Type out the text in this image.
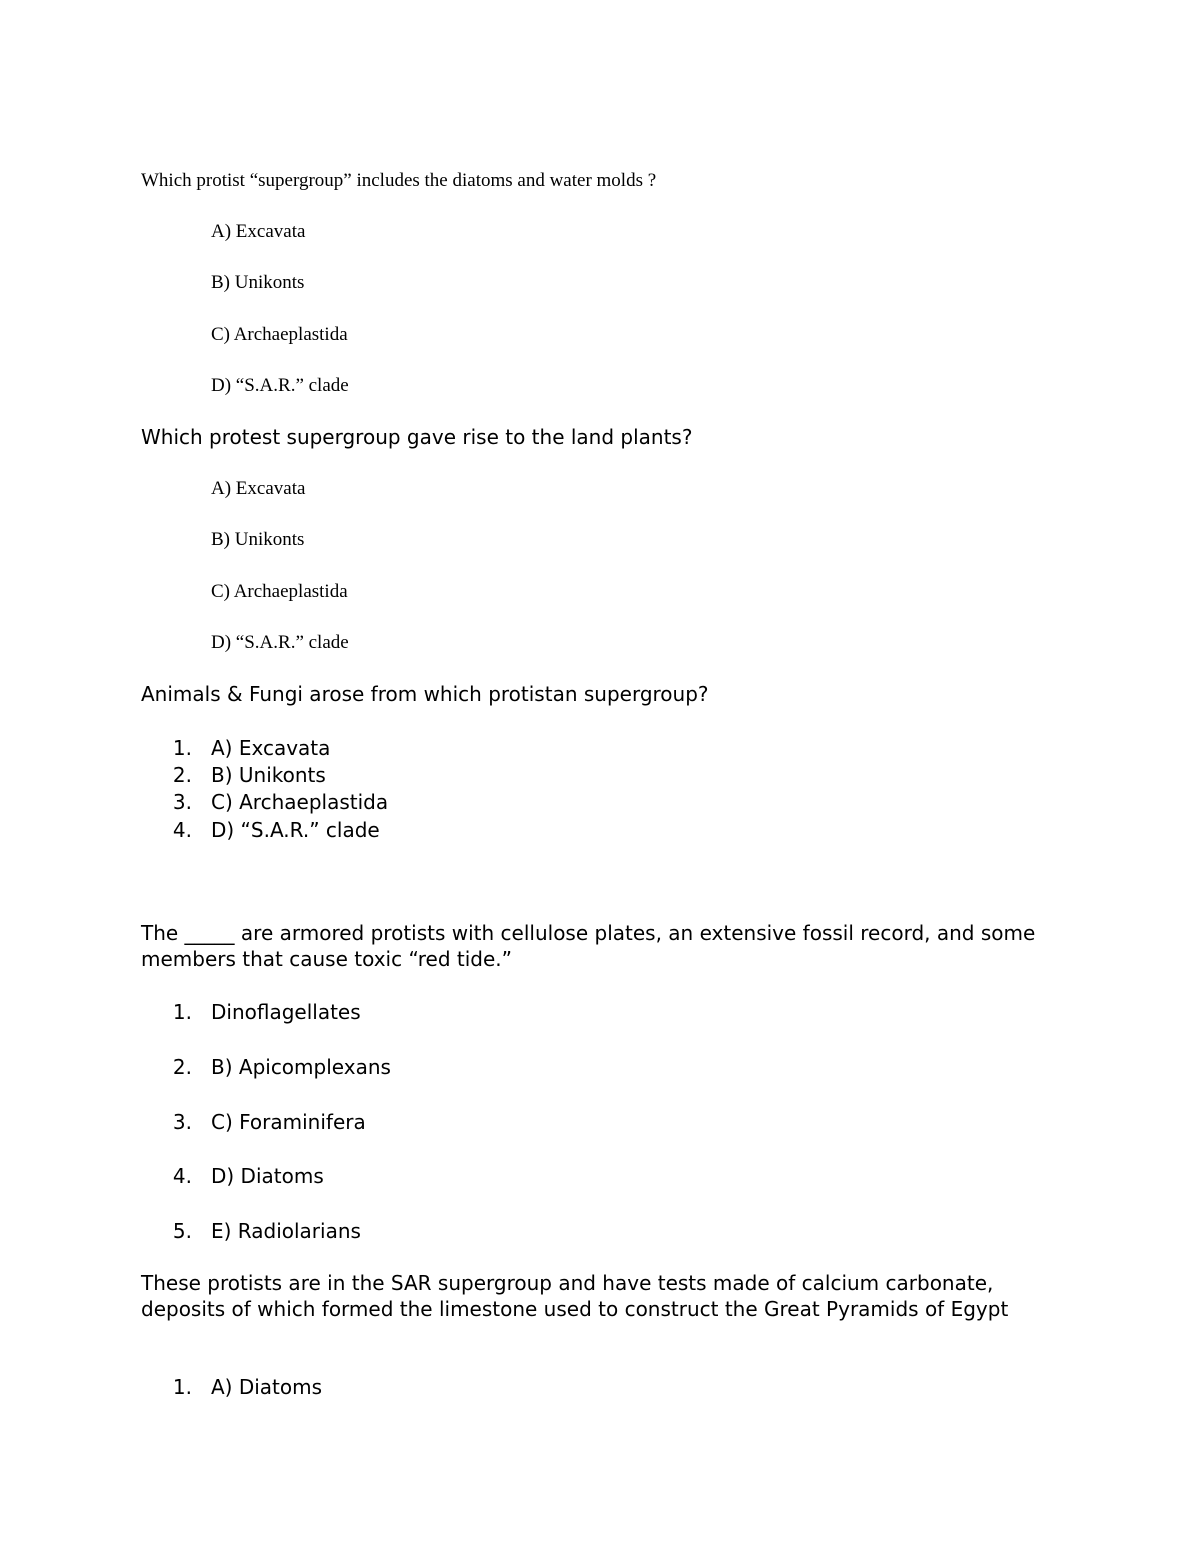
Which protist “supergroup” includes the diatoms and water molds ?
A) Excavata
B) Unikonts
C) Archaeplastida
D) “S.A.R.” clade
Which protest supergroup gave rise to the land plants?
A) Excavata
B) Unikonts
C) Archaeplastida
D) “S.A.R.” clade
Animals & Fungi arose from which protistan supergroup?
1. A) Excavata
2. B) Unikonts
3. C) Archaeplastida
4. D) “S.A.R.” clade
The _____ are armored protists with cellulose plates, an extensive fossil record, and some members that cause toxic “red tide.”
1. Dinoflagellates
2. B) Apicomplexans
3. C) Foraminifera
4. D) Diatoms
5. E) Radiolarians
These protists are in the SAR supergroup and have tests made of calcium carbonate, deposits of which formed the limestone used to construct the Great Pyramids of Egypt
1. A) Diatoms
